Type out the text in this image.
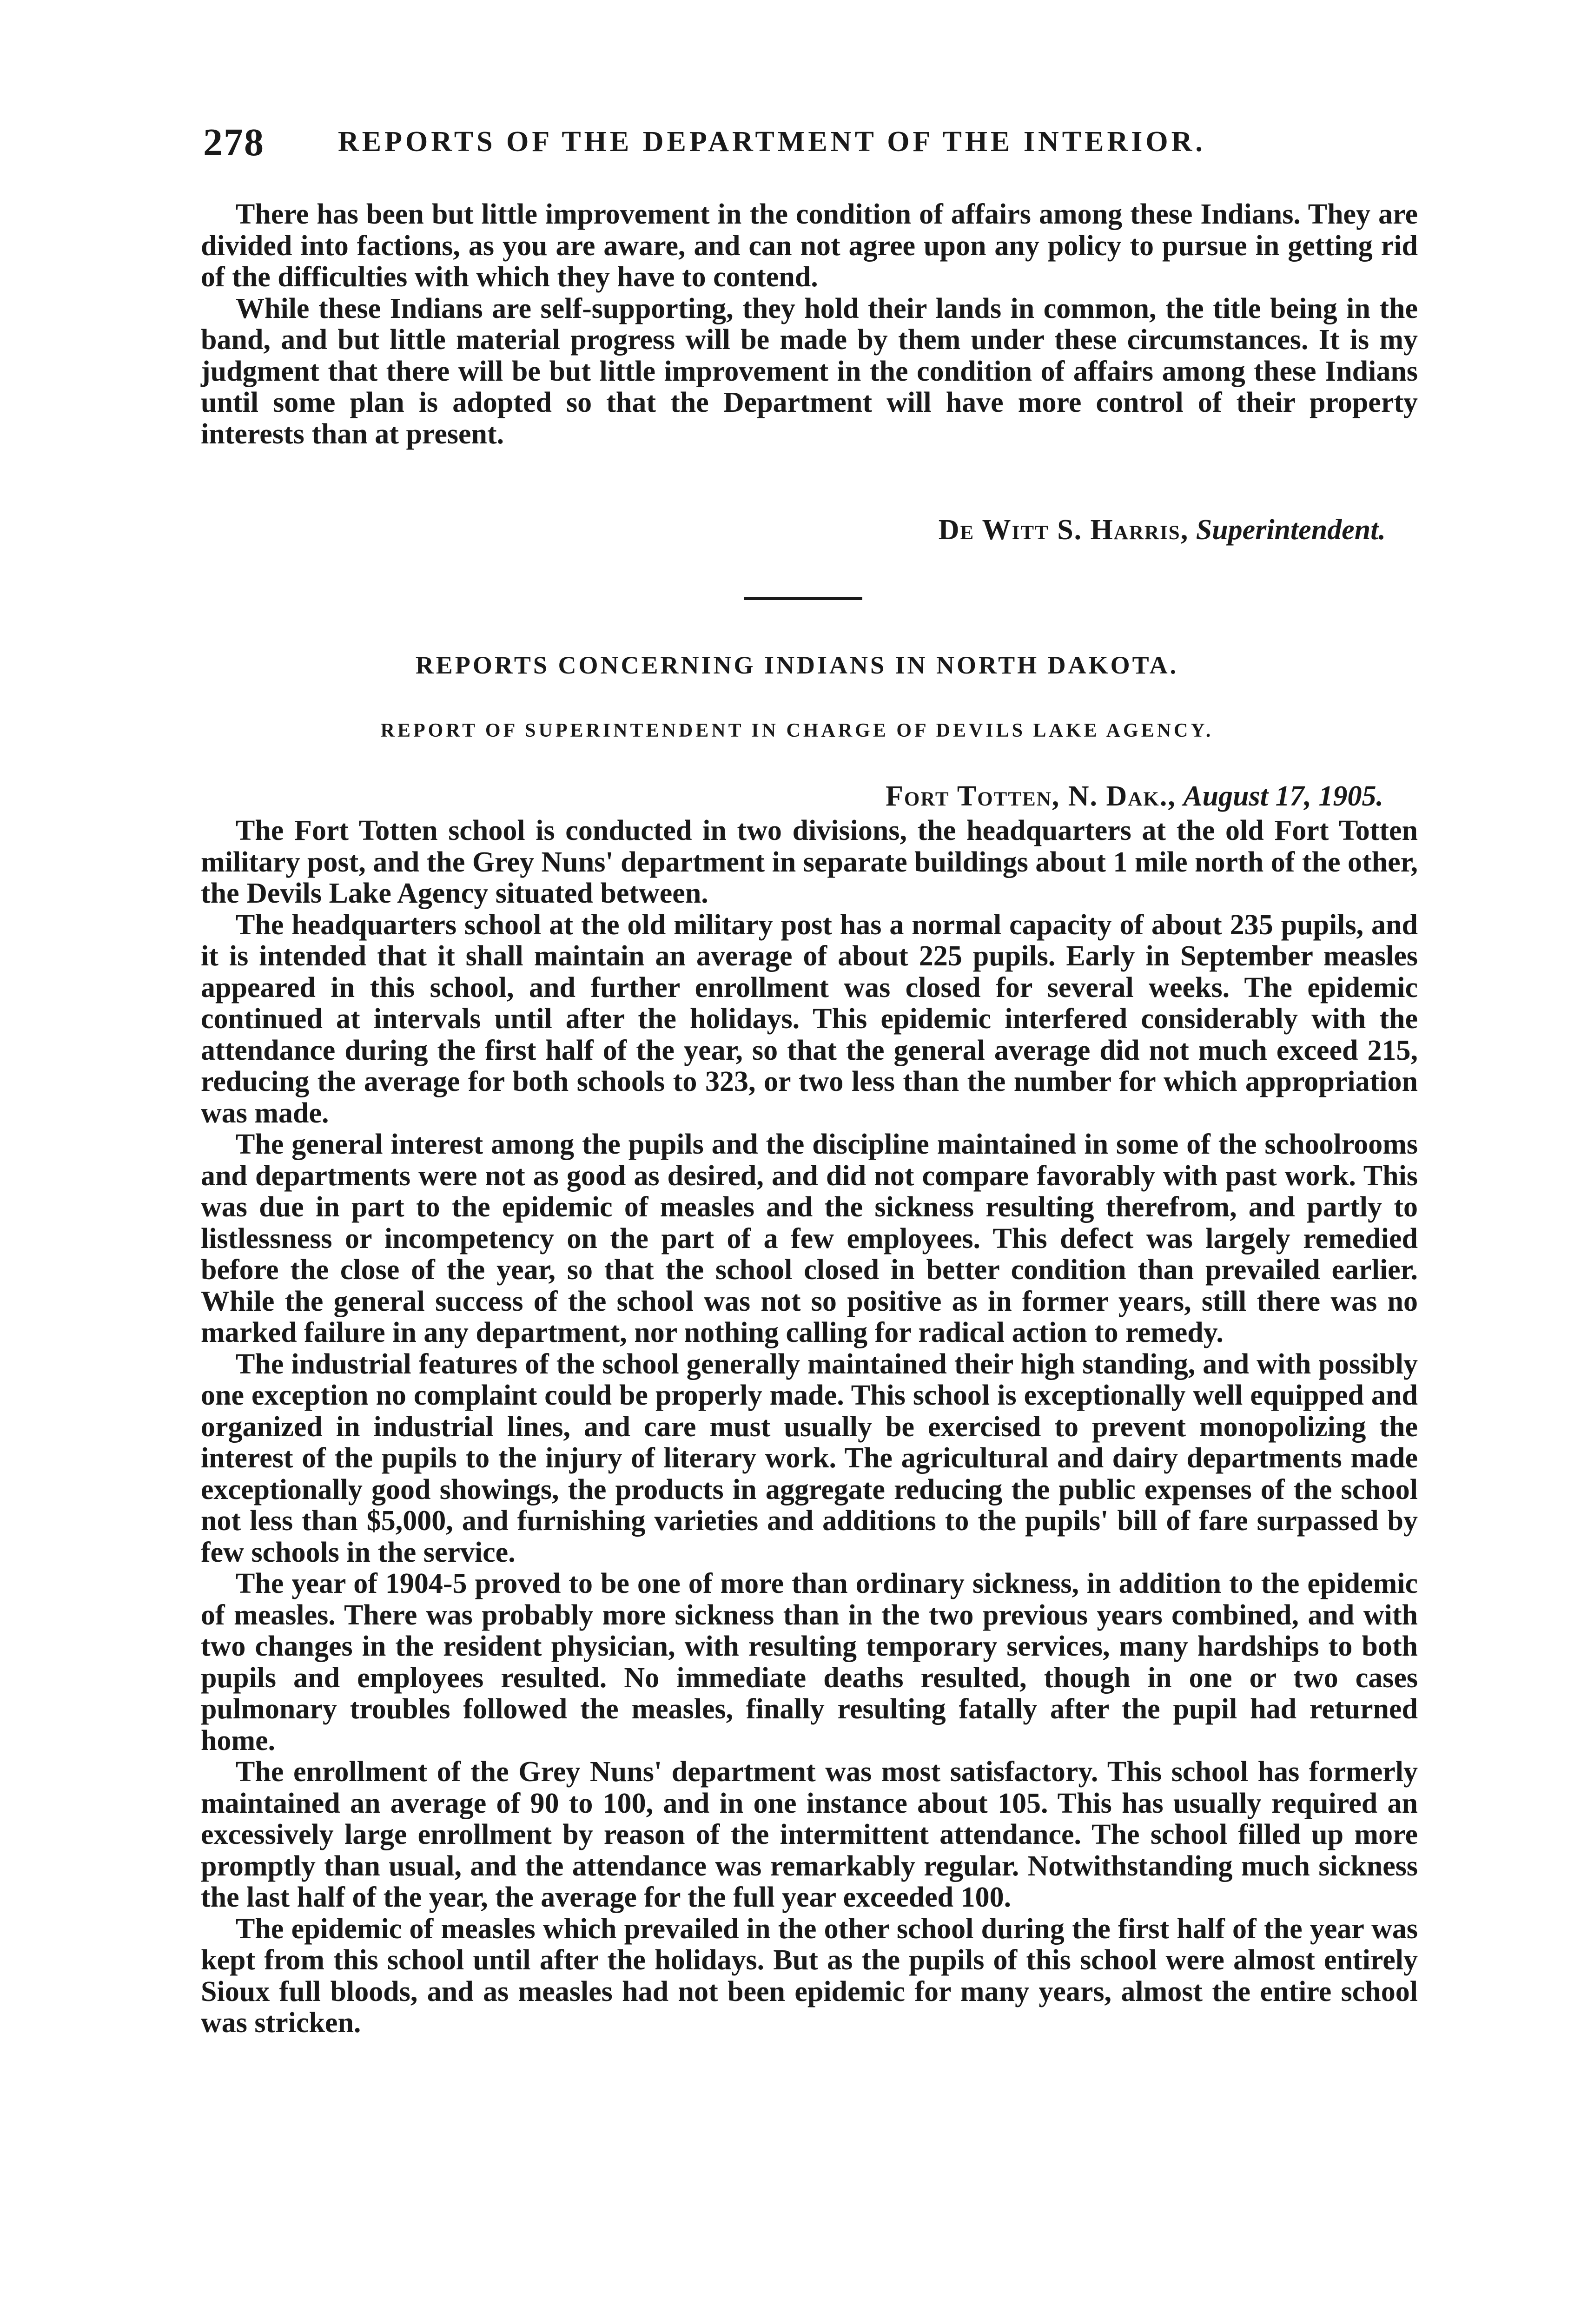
278	REPORTS OF THE DEPARTMENT OF THE INTERIOR.

There has been but little improvement in the condition of affairs among these Indians. They are divided into factions, as you are aware, and can not agree upon any policy to pursue in getting rid of the difficulties with which they have to contend.

While these Indians are self-supporting, they hold their lands in common, the title being in the band, and but little material progress will be made by them under these circumstances. It is my judgment that there will be but little improvement in the condition of affairs among these Indians until some plan is adopted so that the Department will have more control of their property interests than at present.

De Witt S. Harris, Superintendent.
REPORTS CONCERNING INDIANS IN NORTH DAKOTA.
REPORT OF SUPERINTENDENT IN CHARGE OF DEVILS LAKE AGENCY.
Fort Totten, N. Dak., August 17, 1905.

The Fort Totten school is conducted in two divisions, the headquarters at the old Fort Totten military post, and the Grey Nuns' department in separate buildings about 1 mile north of the other, the Devils Lake Agency situated between.

The headquarters school at the old military post has a normal capacity of about 235 pupils, and it is intended that it shall maintain an average of about 225 pupils. Early in September measles appeared in this school, and further enrollment was closed for several weeks. The epidemic continued at intervals until after the holidays. This epidemic interfered considerably with the attendance during the first half of the year, so that the general average did not much exceed 215, reducing the average for both schools to 323, or two less than the number for which appropriation was made.

The general interest among the pupils and the discipline maintained in some of the schoolrooms and departments were not as good as desired, and did not compare favorably with past work. This was due in part to the epidemic of measles and the sickness resulting therefrom, and partly to listlessness or incompetency on the part of a few employees. This defect was largely remedied before the close of the year, so that the school closed in better condition than prevailed earlier. While the general success of the school was not so positive as in former years, still there was no marked failure in any department, nor nothing calling for radical action to remedy.

The industrial features of the school generally maintained their high standing, and with possibly one exception no complaint could be properly made. This school is exceptionally well equipped and organized in industrial lines, and care must usually be exercised to prevent monopolizing the interest of the pupils to the injury of literary work. The agricultural and dairy departments made exceptionally good showings, the products in aggregate reducing the public expenses of the school not less than $5,000, and furnishing varieties and additions to the pupils' bill of fare surpassed by few schools in the service.

The year of 1904-5 proved to be one of more than ordinary sickness, in addition to the epidemic of measles. There was probably more sickness than in the two previous years combined, and with two changes in the resident physician, with resulting temporary services, many hardships to both pupils and employees resulted. No immediate deaths resulted, though in one or two cases pulmonary troubles followed the measles, finally resulting fatally after the pupil had returned home.

The enrollment of the Grey Nuns' department was most satisfactory. This school has formerly maintained an average of 90 to 100, and in one instance about 105. This has usually required an excessively large enrollment by reason of the intermittent attendance. The school filled up more promptly than usual, and the attendance was remarkably regular. Notwithstanding much sickness the last half of the year, the average for the full year exceeded 100.

The epidemic of measles which prevailed in the other school during the first half of the year was kept from this school until after the holidays. But as the pupils of this school were almost entirely Sioux full bloods, and as measles had not been epidemic for many years, almost the entire school was stricken.
